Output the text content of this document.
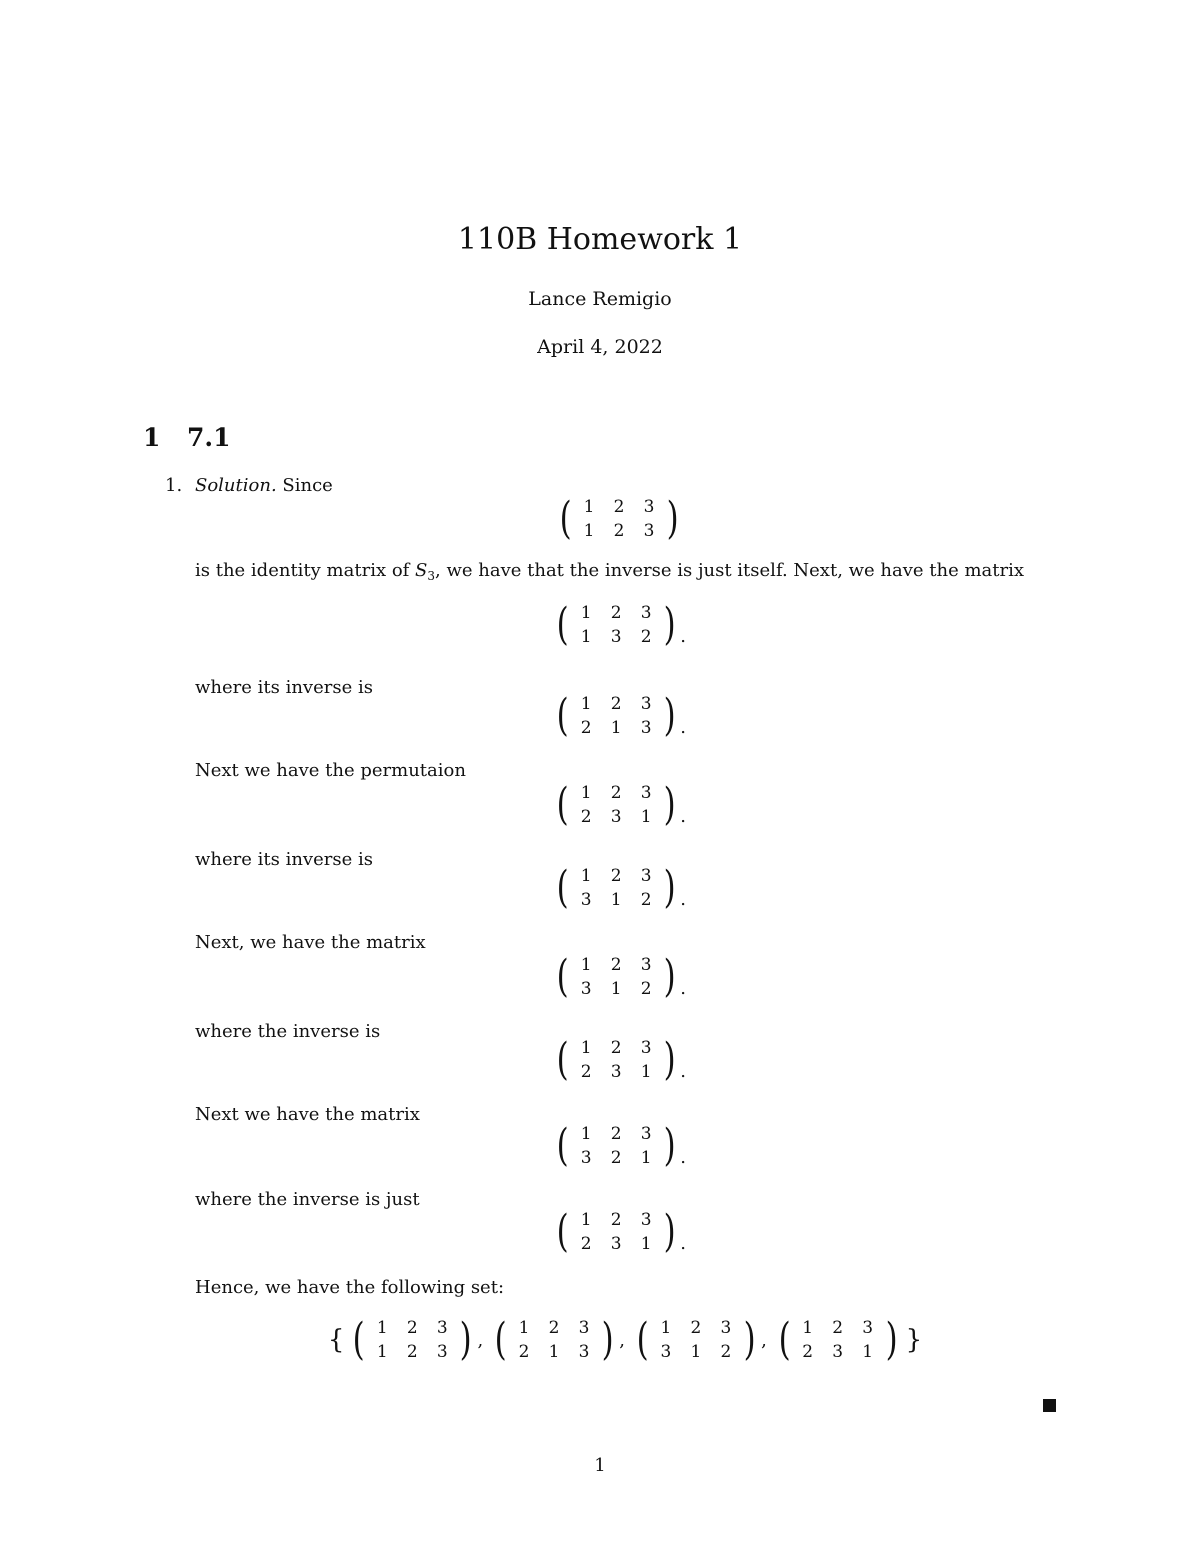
110B Homework 1
Lance Remigio
April 4, 2022
1 7.1
1. Solution. Since
( 1	2	3
1	2	3 )
is the identity matrix of $S_3$, we have that the inverse is just itself. Next, we have the matrix
( 1	2	3
1	3	2 ) .
where its inverse is
( 1	2	3
2	1	3 ) .
Next we have the permutaion
( 1	2	3
2	3	1 ) .
where its inverse is
( 1	2	3
3	1	2 ) .
Next, we have the matrix
( 1	2	3
3	1	2 ) .
where the inverse is
( 1	2	3
2	3	1 ) .
Next we have the matrix
( 1	2	3
3	2	1 ) .
where the inverse is just
( 1	2	3
2	3	1 ) .
Hence, we have the following set:
{ ( 1	2	3
1	2	3 ) , ( 1	2	3
2	1	3 ) , ( 1	2	3
3	1	2 ) , ( 1	2	3
2	3	1 ) }
1
